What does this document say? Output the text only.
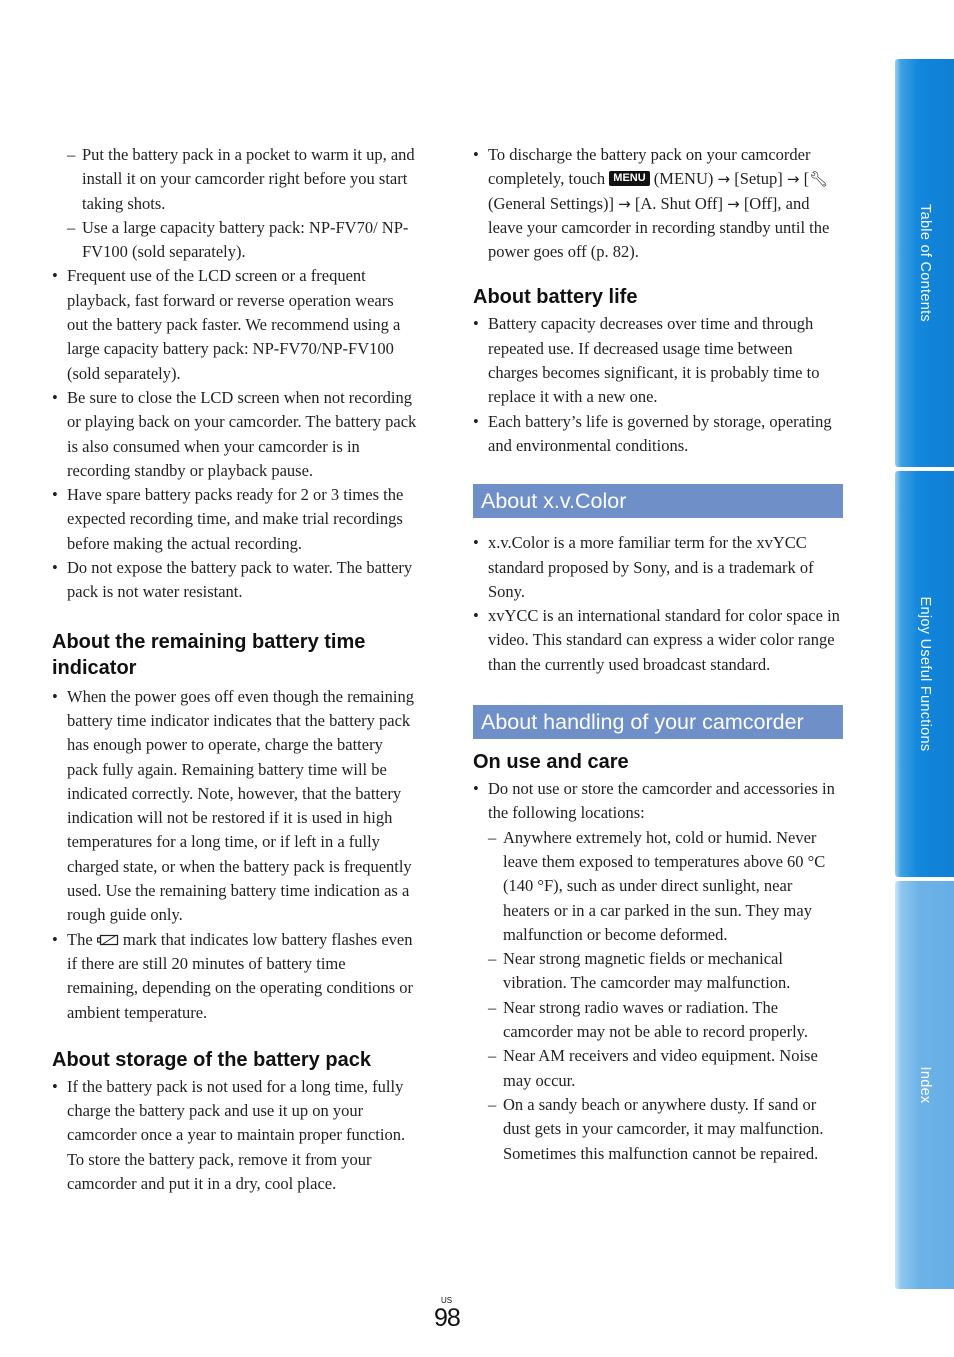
– Put the battery pack in a pocket to warm it up, and install it on your camcorder right before you start taking shots.

– Use a large capacity battery pack: NP-FV70/ NP-FV100 (sold separately).

• Frequent use of the LCD screen or a frequent playback, fast forward or reverse operation wears out the battery pack faster. We recommend using a large capacity battery pack: NP-FV70/NP-FV100 (sold separately).

• Be sure to close the LCD screen when not recording or playing back on your camcorder. The battery pack is also consumed when your camcorder is in recording standby or playback pause.

• Have spare battery packs ready for 2 or 3 times the expected recording time, and make trial recordings before making the actual recording.

• Do not expose the battery pack to water. The battery pack is not water resistant.

About the remaining battery time indicator

• When the power goes off even though the remaining battery time indicator indicates that the battery pack has enough power to operate, charge the battery pack fully again. Remaining battery time will be indicated correctly. Note, however, that the battery indication will not be restored if it is used in high temperatures for a long time, or if left in a fully charged state, or when the battery pack is frequently used. Use the remaining battery time indication as a rough guide only.

• The mark that indicates low battery flashes even if there are still 20 minutes of battery time remaining, depending on the operating conditions or ambient temperature.

About storage of the battery pack

• If the battery pack is not used for a long time, fully charge the battery pack and use it up on your camcorder once a year to maintain proper function. To store the battery pack, remove it from your camcorder and put it in a dry, cool place.

• To discharge the battery pack on your camcorder completely, touch MENU (MENU) → [Setup] → [🔧︎(General Settings)] → [A. Shut Off] → [Off], and leave your camcorder in recording standby until the power goes off (p. 82).

About battery life

• Battery capacity decreases over time and through repeated use. If decreased usage time between charges becomes significant, it is probably time to replace it with a new one.

• Each battery’s life is governed by storage, operating and environmental conditions.

About x.v.Color

• x.v.Color is a more familiar term for the xvYCC standard proposed by Sony, and is a trademark of Sony.

• xvYCC is an international standard for color space in video. This standard can express a wider color range than the currently used broadcast standard.

About handling of your camcorder
On use and care

• Do not use or store the camcorder and accessories in the following locations:

– Anywhere extremely hot, cold or humid. Never leave them exposed to temperatures above 60 °C (140 °F), such as under direct sunlight, near heaters or in a car parked in the sun. They may malfunction or become deformed.

– Near strong magnetic fields or mechanical vibration. The camcorder may malfunction.

– Near strong radio waves or radiation. The camcorder may not be able to record properly.

– Near AM receivers and video equipment. Noise may occur.

– On a sandy beach or anywhere dusty. If sand or dust gets in your camcorder, it may malfunction. Sometimes this malfunction cannot be repaired.

Table of Contents
Enjoy Useful Functions
Index
US
98
